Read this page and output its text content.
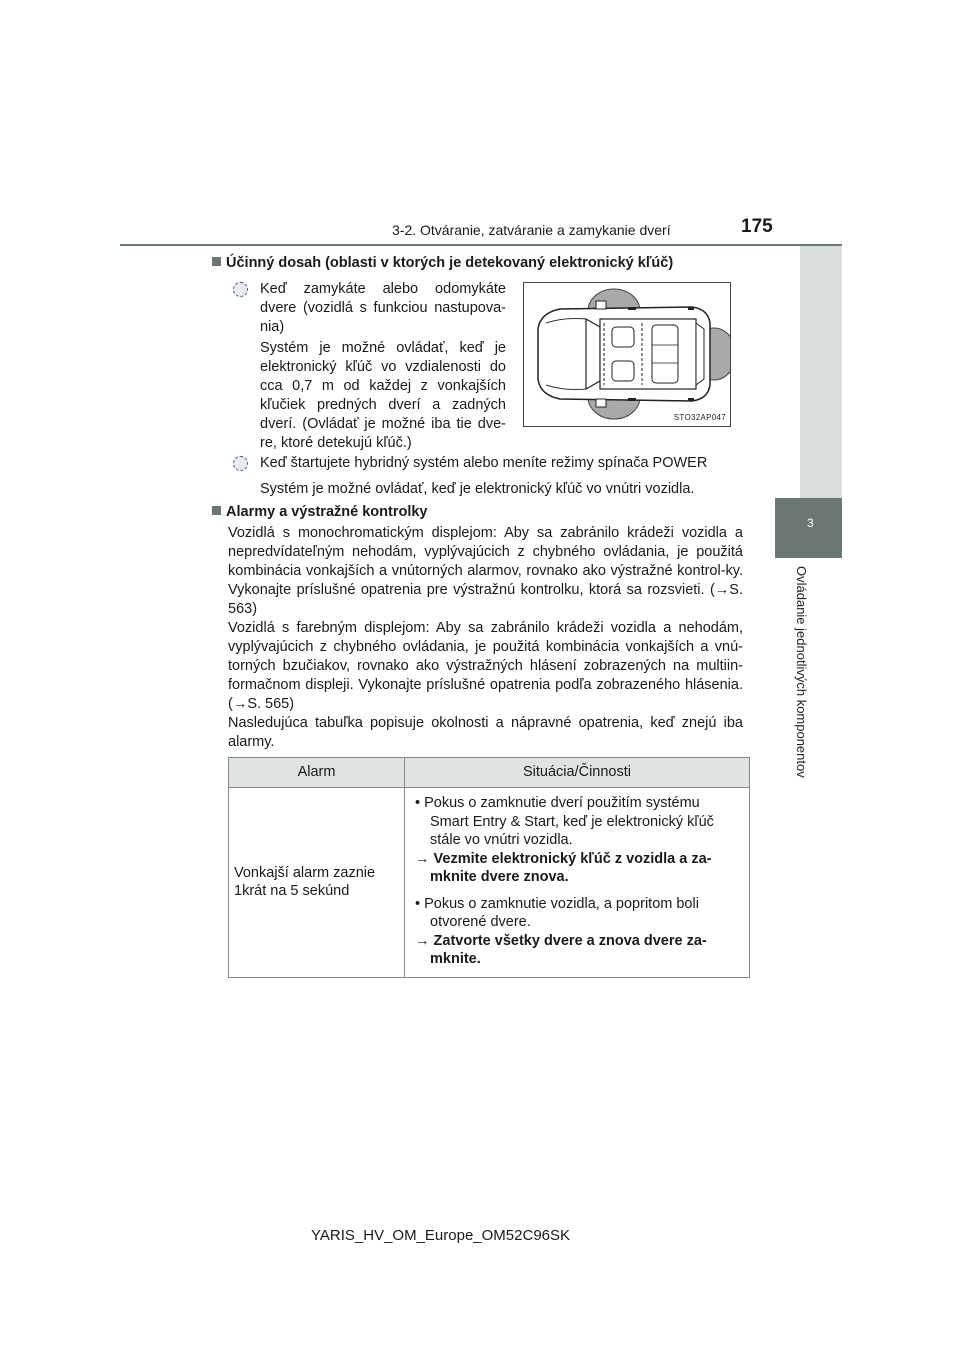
3-2. Otváranie, zatváranie a zamykanie dverí	175
3
Ovládanie jednotlivých komponentov
Účinný dosah (oblasti v ktorých je detekovaný elektronický kľúč)
Keď zamykáte alebo odomykáte dvere (vozidlá s funkciou nastupova-nia)
Systém je možné ovládať, keď je elektronický kľúč vo vzdialenosti do cca 0,7 m od každej z vonkajších kľučiek predných dverí a zadných dverí. (Ovládať je možné iba tie dve-re, ktoré detekujú kľúč.)
STO32AP047
Keď štartujete hybridný systém alebo meníte režimy spínača POWER
Systém je možné ovládať, keď je elektronický kľúč vo vnútri vozidla.
Alarmy a výstražné kontrolky
Vozidlá s monochromatickým displejom: Aby sa zabránilo krádeži vozidla a nepredvídateľným nehodám, vyplývajúcich z chybného ovládania, je použitá kombinácia vonkajších a vnútorných alarmov, rovnako ako výstražné kontrol-ky. Vykonajte príslušné opatrenia pre výstražnú kontrolku, ktorá sa rozsvieti. (→S. 563)
Vozidlá s farebným displejom: Aby sa zabránilo krádeži vozidla a nehodám, vyplývajúcich z chybného ovládania, je použitá kombinácia vonkajších a vnú-torných bzučiakov, rovnako ako výstražných hlásení zobrazených na multiin-formačnom displeji. Vykonajte príslušné opatrenia podľa zobrazeného hlásenia. (→S. 565)
Nasledujúca tabuľka popisuje okolnosti a nápravné opatrenia, keď znejú iba alarmy.
Alarm	Situácia/Činnosti
Vonkajší alarm zaznie 1krát na 5 sekúnd	• Pokus o zamknutie dverí použitím systému Smart Entry & Start, keď je elektronický kľúč stále vo vnútri vozidla.
→ Vezmite elektronický kľúč z vozidla a za-mknite dvere znova.
• Pokus o zamknutie vozidla, a popritom boli otvorené dvere.
→ Zatvorte všetky dvere a znova dvere za-mknite.
YARIS_HV_OM_Europe_OM52C96SK
